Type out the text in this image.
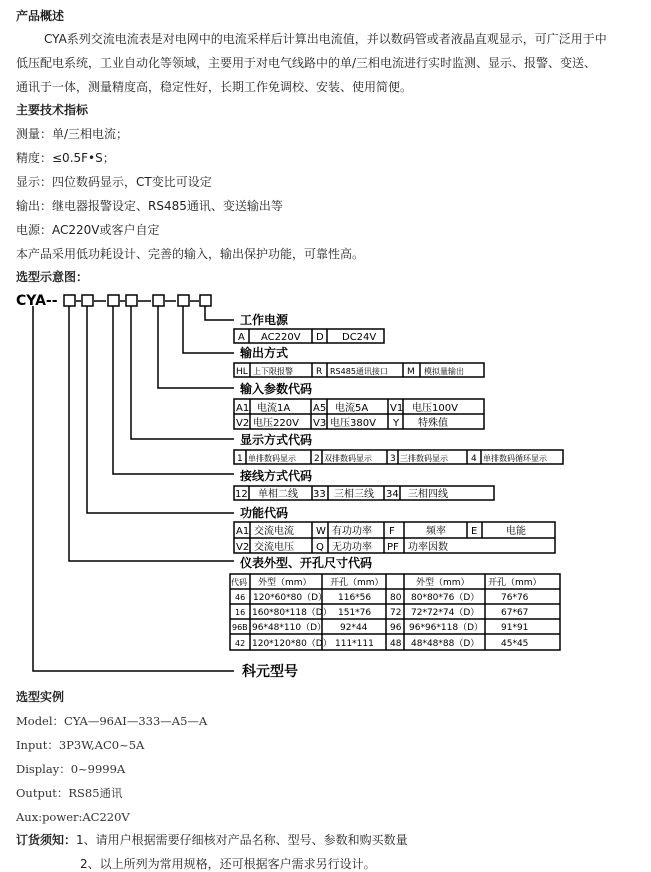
产品概述
CYA系列交流电流表是对电网中的电流采样后计算出电流值，并以数码管或者液晶直观显示，可广泛用于中
低压配电系统，工业自动化等领域，主要用于对电气线路中的单/三相电流进行实时监测、显示、报警、变送、
通讯于一体，测量精度高，稳定性好，长期工作免调校、安装、使用简便。
主要技术指标
测量：单/三相电流；
精度：≤0.5F•S；
显示：四位数码显示，CT变比可设定
输出：继电器报警设定、RS485通讯、变送输出等
电源：AC220V或客户自定
本产品采用低功耗设计、完善的输入，输出保护功能，可靠性高。
选型示意图：
CYA--
工作电源
A AC220V D DC24V
输出方式
HL 上下限报警	R RS485通讯接口 M 模拟量输出
输入参数代码
A1 电流1A A5 电流5A V1 电压100V
V2 电压220V V3 电压380V Y 特殊值
显示方式代码
1 单排数码显示 2 双排数码显示 3 三排数码显示	4 单排数码循环显示
接线方式代码
12 单相二线 33 三相三线 34 三相四线
功能代码
A1 交流电流 W 有功功率 F	频率	E	电能
V2 交流电压 Q 无功功率 PF 功率因数
仪表外型、开孔尺寸代码
代码 外型（mm） 开孔（mm）	外型（mm） 开孔（mm）
46 120*60*80（D） 116*56 80 80*80*76（D） 76*76
16 160*80*118（D） 151*76 72 72*72*74（D） 67*67
96B 96*48*110（D） 92*44	96 96*96*118（D） 91*91
42 120*120*80（D） 111*111 48 48*48*88（D） 45*45
科元型号
选型实例
Model：CYA—96AI—333—A5—A
Input：3P3W,AC0~5A
Display：0~9999A
Output：RS85通讯
Aux:power:AC220V
订货须知：1、请用户根据需要仔细核对产品名称、型号、参数和购买数量
2、以上所列为常用规格，还可根据客户需求另行设计。
